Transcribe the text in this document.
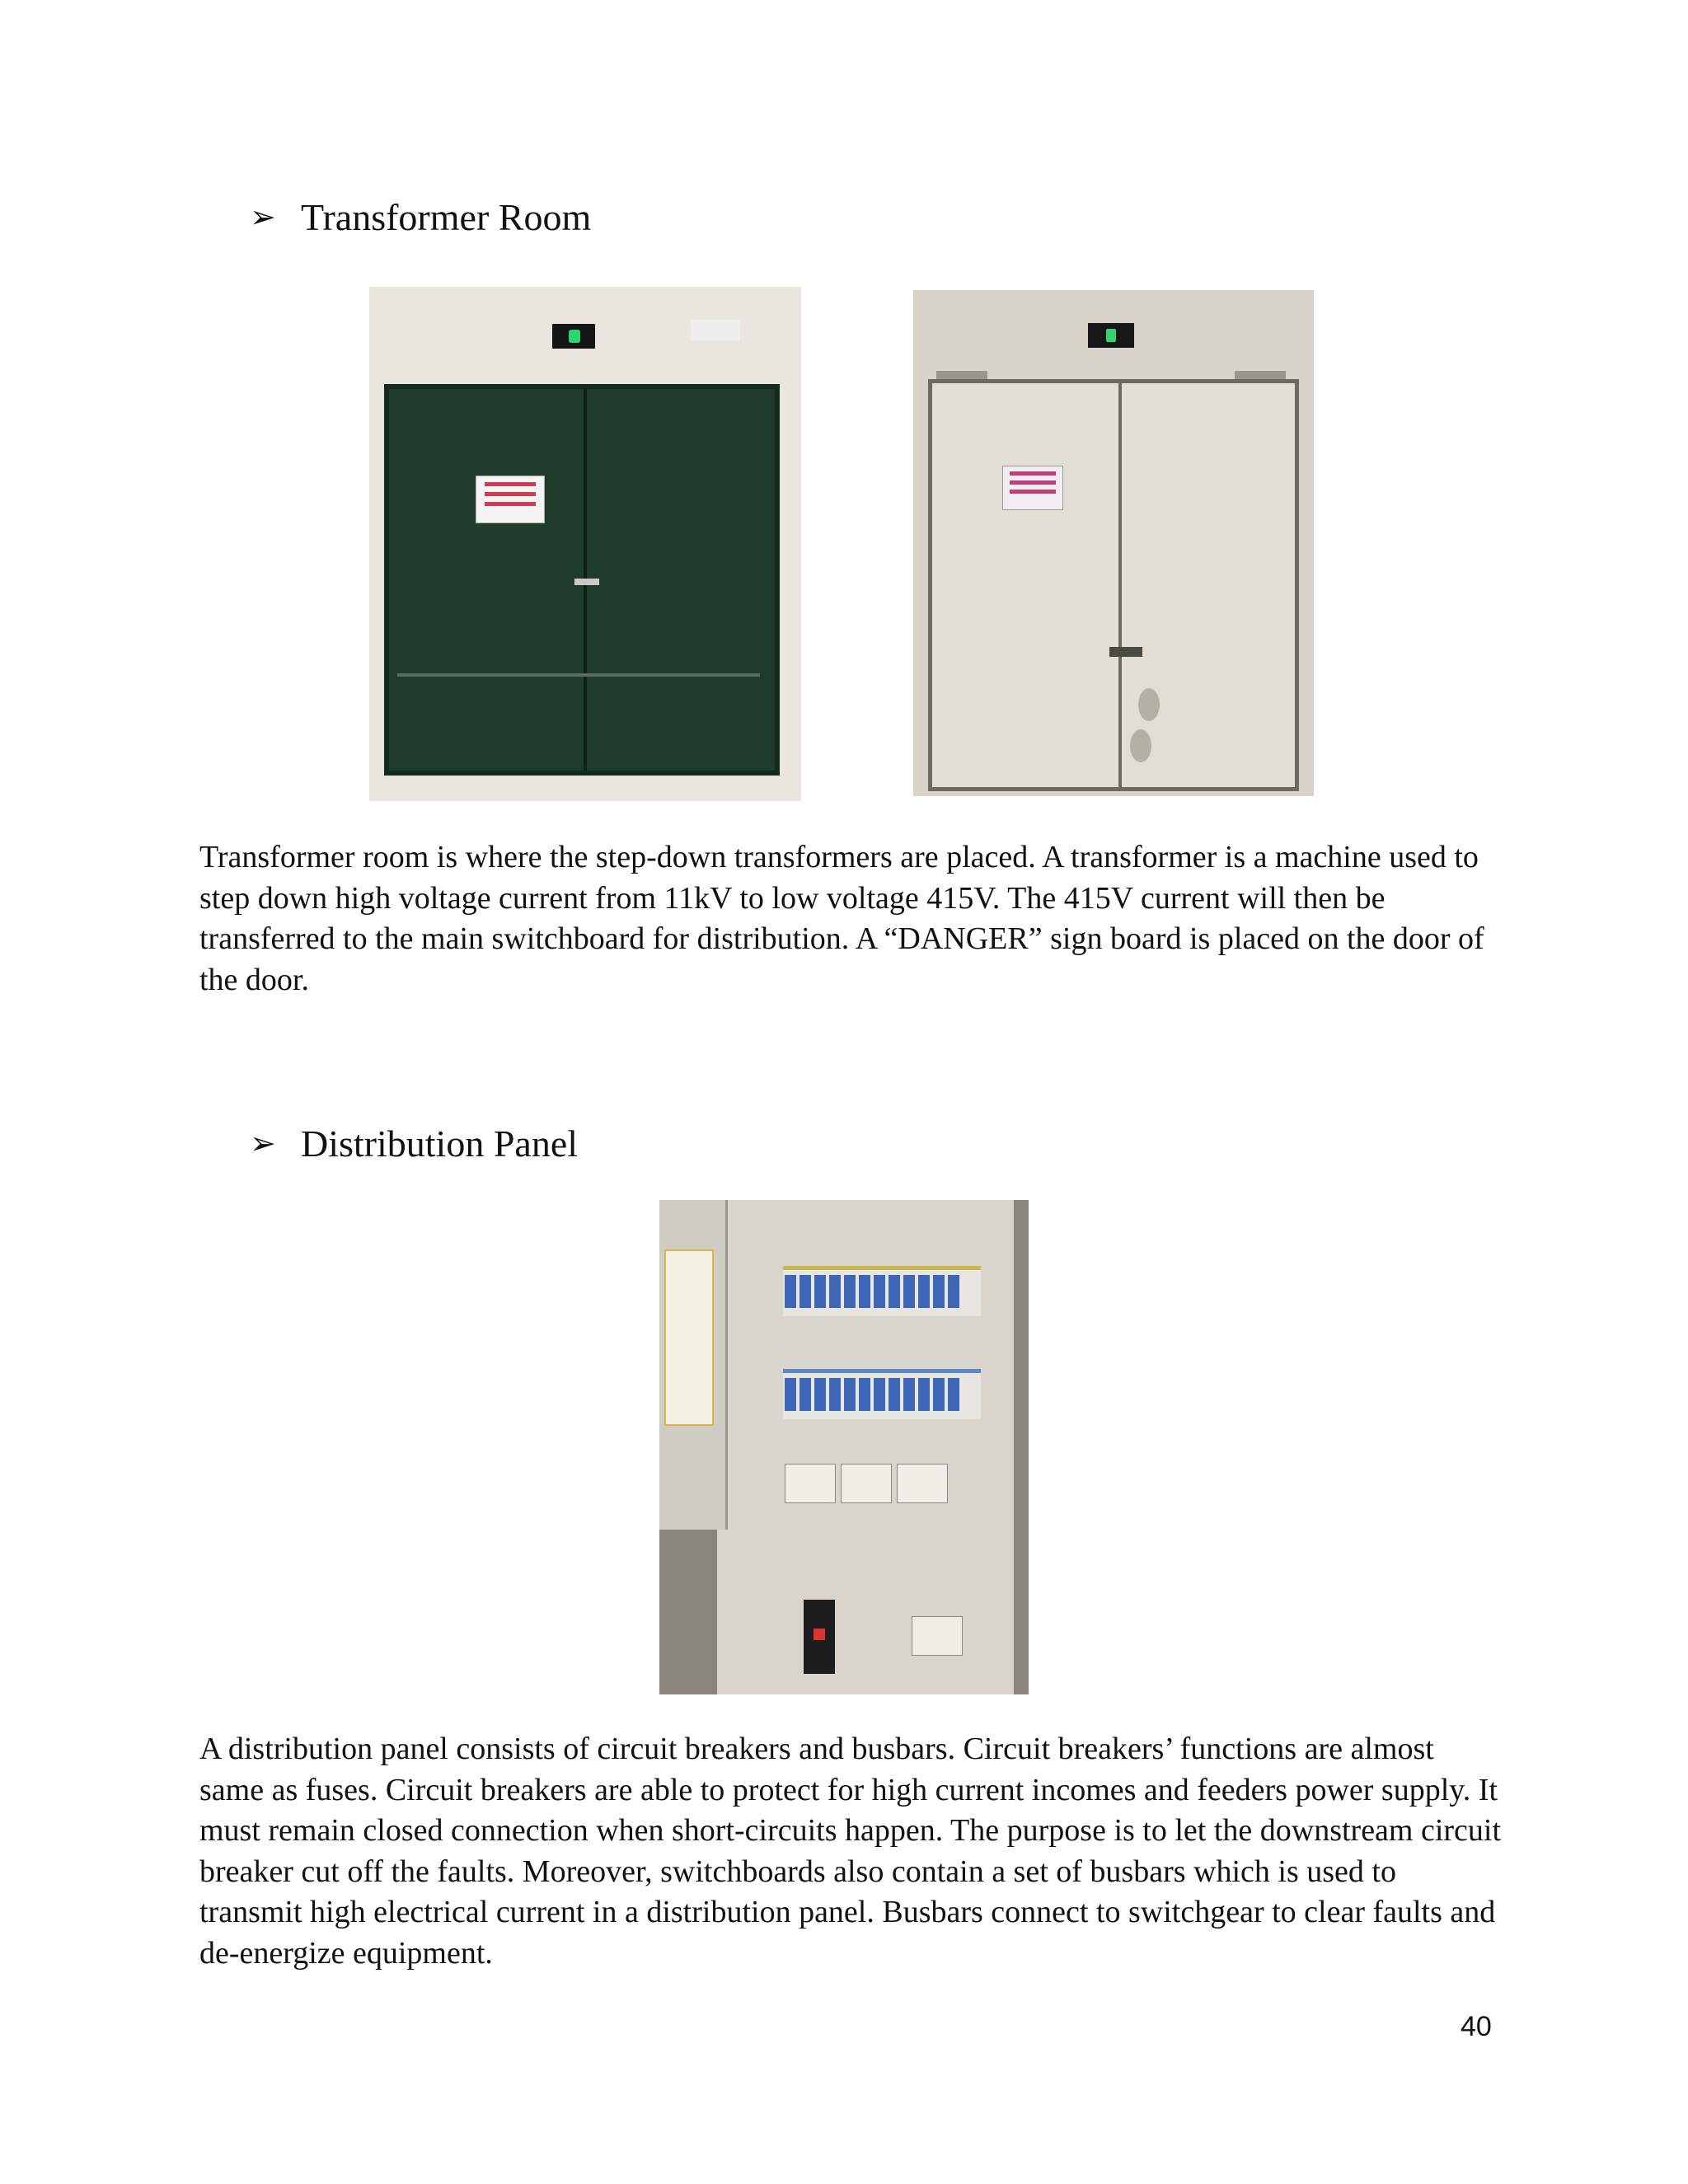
➢ Transformer Room
Transformer room is where the step-down transformers are placed. A transformer is a machine used to step down high voltage current from 11kV to low voltage 415V. The 415V current will then be transferred to the main switchboard for distribution. A “DANGER” sign board is placed on the door of the door.
➢ Distribution Panel
A distribution panel consists of circuit breakers and busbars. Circuit breakers’ functions are almost same as fuses. Circuit breakers are able to protect for high current incomes and feeders power supply. It must remain closed connection when short-circuits happen. The purpose is to let the downstream circuit breaker cut off the faults. Moreover, switchboards also contain a set of busbars which is used to transmit high electrical current in a distribution panel. Busbars connect to switchgear to clear faults and de-energize equipment.
40
